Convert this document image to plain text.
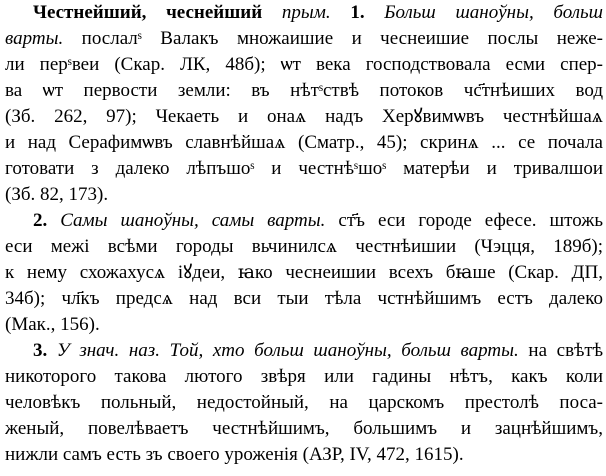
Честнейший, чеснейший прым. 1. Больш шаноўны, больш
варты. послалˢ Валакъ множаишие и чеснеишие послы неже-
ли перˢвеи (Скар. ЛК, 48б); ѡт века господствовала есми спер-
ва ѡт первости земли: въ нѣтˢствѣ потоков чс҃тнѣиших вод
(Зб. 262, 97); Чекаеть и онаѧ надъ Херꙋвимѡвъ честнѣйшаѧ
и над Серафимѡвъ славнѣйшаѧ (Сматр., 45); скринѧ ... се почала
готовати з далеко лѣпъшоˢ и честнѣˢшоˢ матерѣи и тривалшои
(Зб. 82, 173).
2. Самы шаноўны, самы варты. ст҃ъ еси городе ефесе. штожь
еси межі всѣми городы вьчинилсѧ честнѣишии (Чэцця, 189б);
к нему схожахусѧ іꙋдеи, ꙗко чеснеишии всехъ бꙗше (Скар. ДП,
34б); чл҃къ предсѧ над вси тыи тѣла чстнѣйшимъ естъ далеко
(Мак., 156).
3. У знач. наз. Той, хто больш шаноўны, больш варты. на свѣтѣ
никоторого такова лютого звѣря или гадины нѣтъ, какъ коли
человѣкъ польный, недостойный, на царскомъ престолѣ поса-
женый, повелѣваетъ честнѣйшимъ, большимъ и зацнѣйшимъ,
нижли самъ есть зъ своего уроженія (АЗР, IV, 472, 1615).
